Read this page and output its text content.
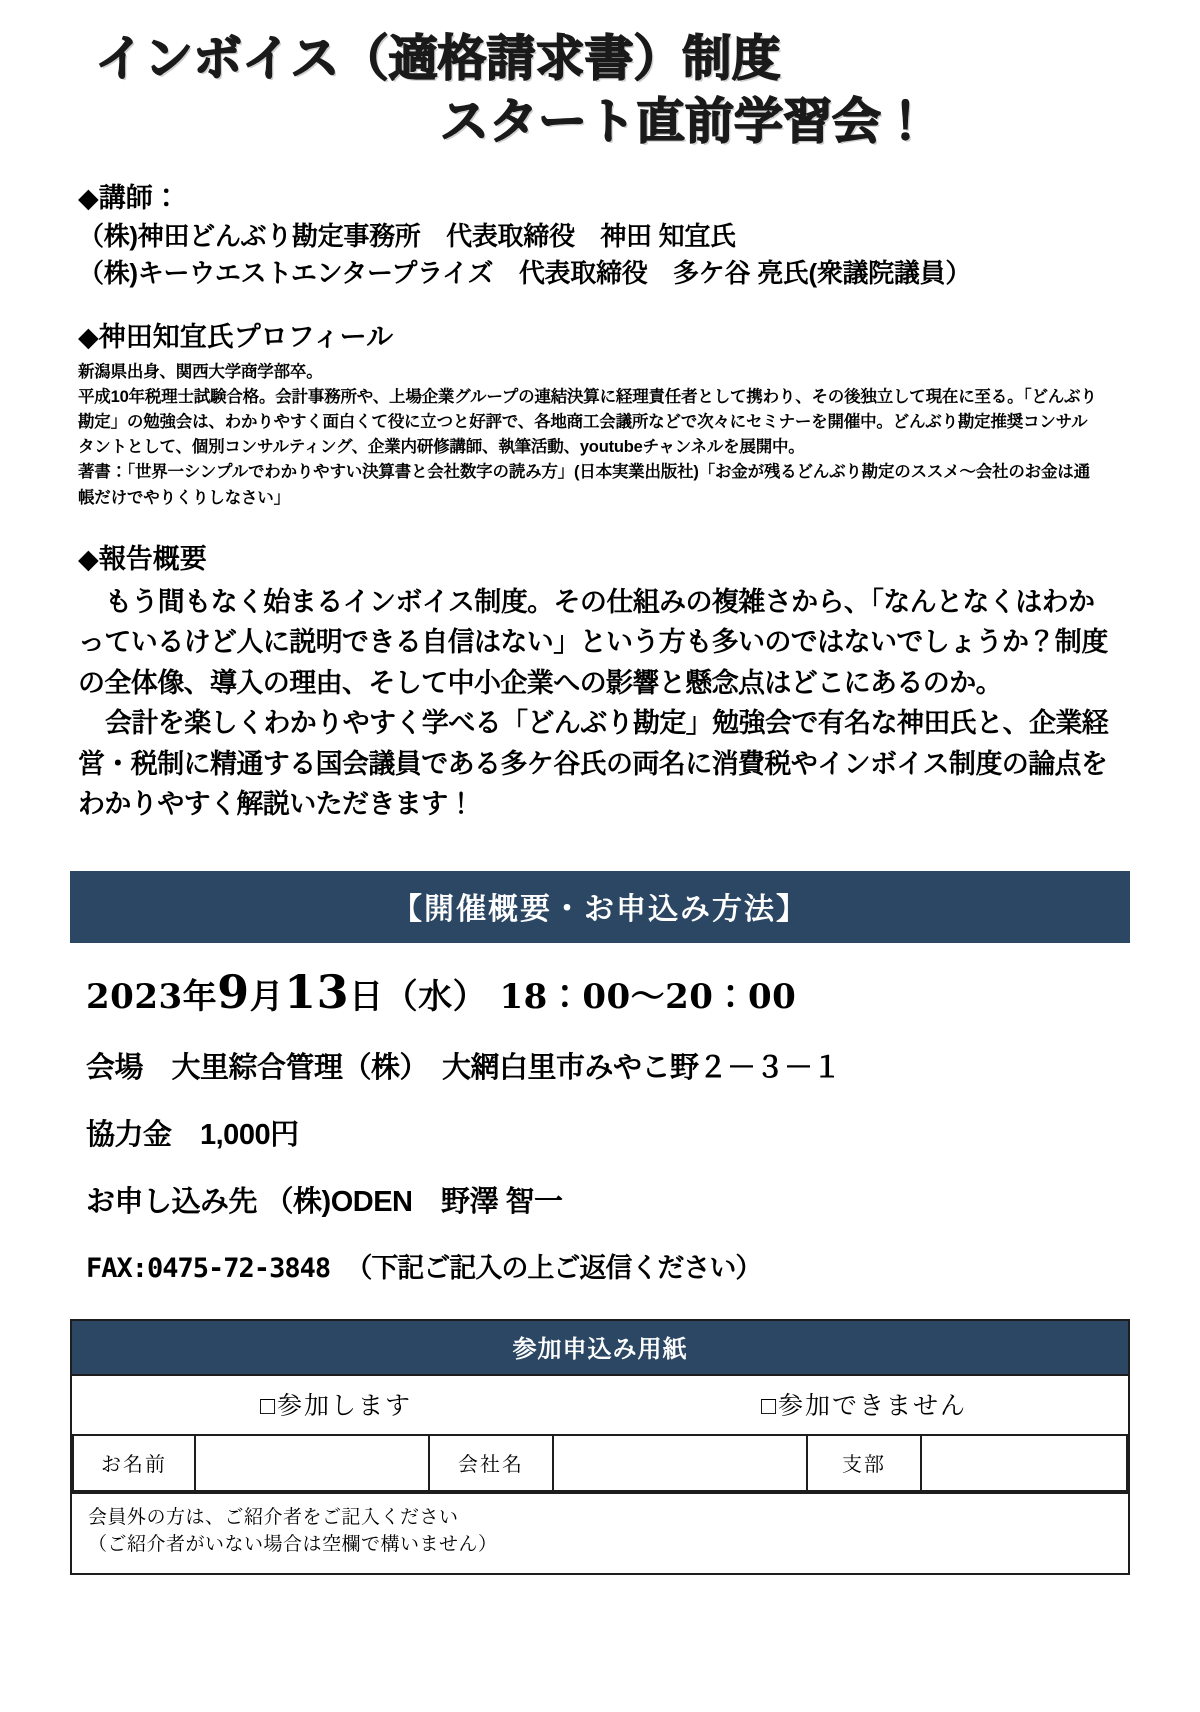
インボイス（適格請求書）制度
スタート直前学習会！
◆講師：
（株)神田どんぶり勘定事務所　代表取締役　神田 知宜氏
（株)キーウエストエンタープライズ　代表取締役　多ケ谷 亮氏(衆議院議員）
◆神田知宜氏プロフィール
新潟県出身、関西大学商学部卒。
平成10年税理士試験合格。会計事務所や、上場企業グループの連結決算に経理責任者として携わり、その後独立して現在に至る。「どんぶり勘定」の勉強会は、わかりやすく面白くて役に立つと好評で、各地商工会議所などで次々にセミナーを開催中。どんぶり勘定推奨コンサルタントとして、個別コンサルティング、企業内研修講師、執筆活動、youtubeチャンネルを展開中。
著書：「世界一シンプルでわかりやすい決算書と会社数字の読み方」(日本実業出版社)「お金が残るどんぶり勘定のススメ～会社のお金は通帳だけでやりくりしなさい」
◆報告概要
もう間もなく始まるインボイス制度。その仕組みの複雑さから、「なんとなくはわかっているけど人に説明できる自信はない」という方も多いのではないでしょうか？制度の全体像、導入の理由、そして中小企業への影響と懸念点はどこにあるのか。
会計を楽しくわかりやすく学べる「どんぶり勘定」勉強会で有名な神田氏と、企業経営・税制に精通する国会議員である多ケ谷氏の両名に消費税やインボイス制度の論点をわかりやすく解説いただきます！
【開催概要・お申込み方法】
2023年9月13日（水） 18：00～20：00
会場　大里綜合管理（株）　大網白里市みやこ野２－３－１
協力金　1,000円
お申し込み先 （株)ODEN　野澤 智一
FAX:0475-72-3848 （下記ご記入の上ご返信ください）
参加申込み用紙
□参加します	□参加できません
お名前		会社名		支部	
会員外の方は、ご紹介者をご記入ください
（ご紹介者がいない場合は空欄で構いません）
